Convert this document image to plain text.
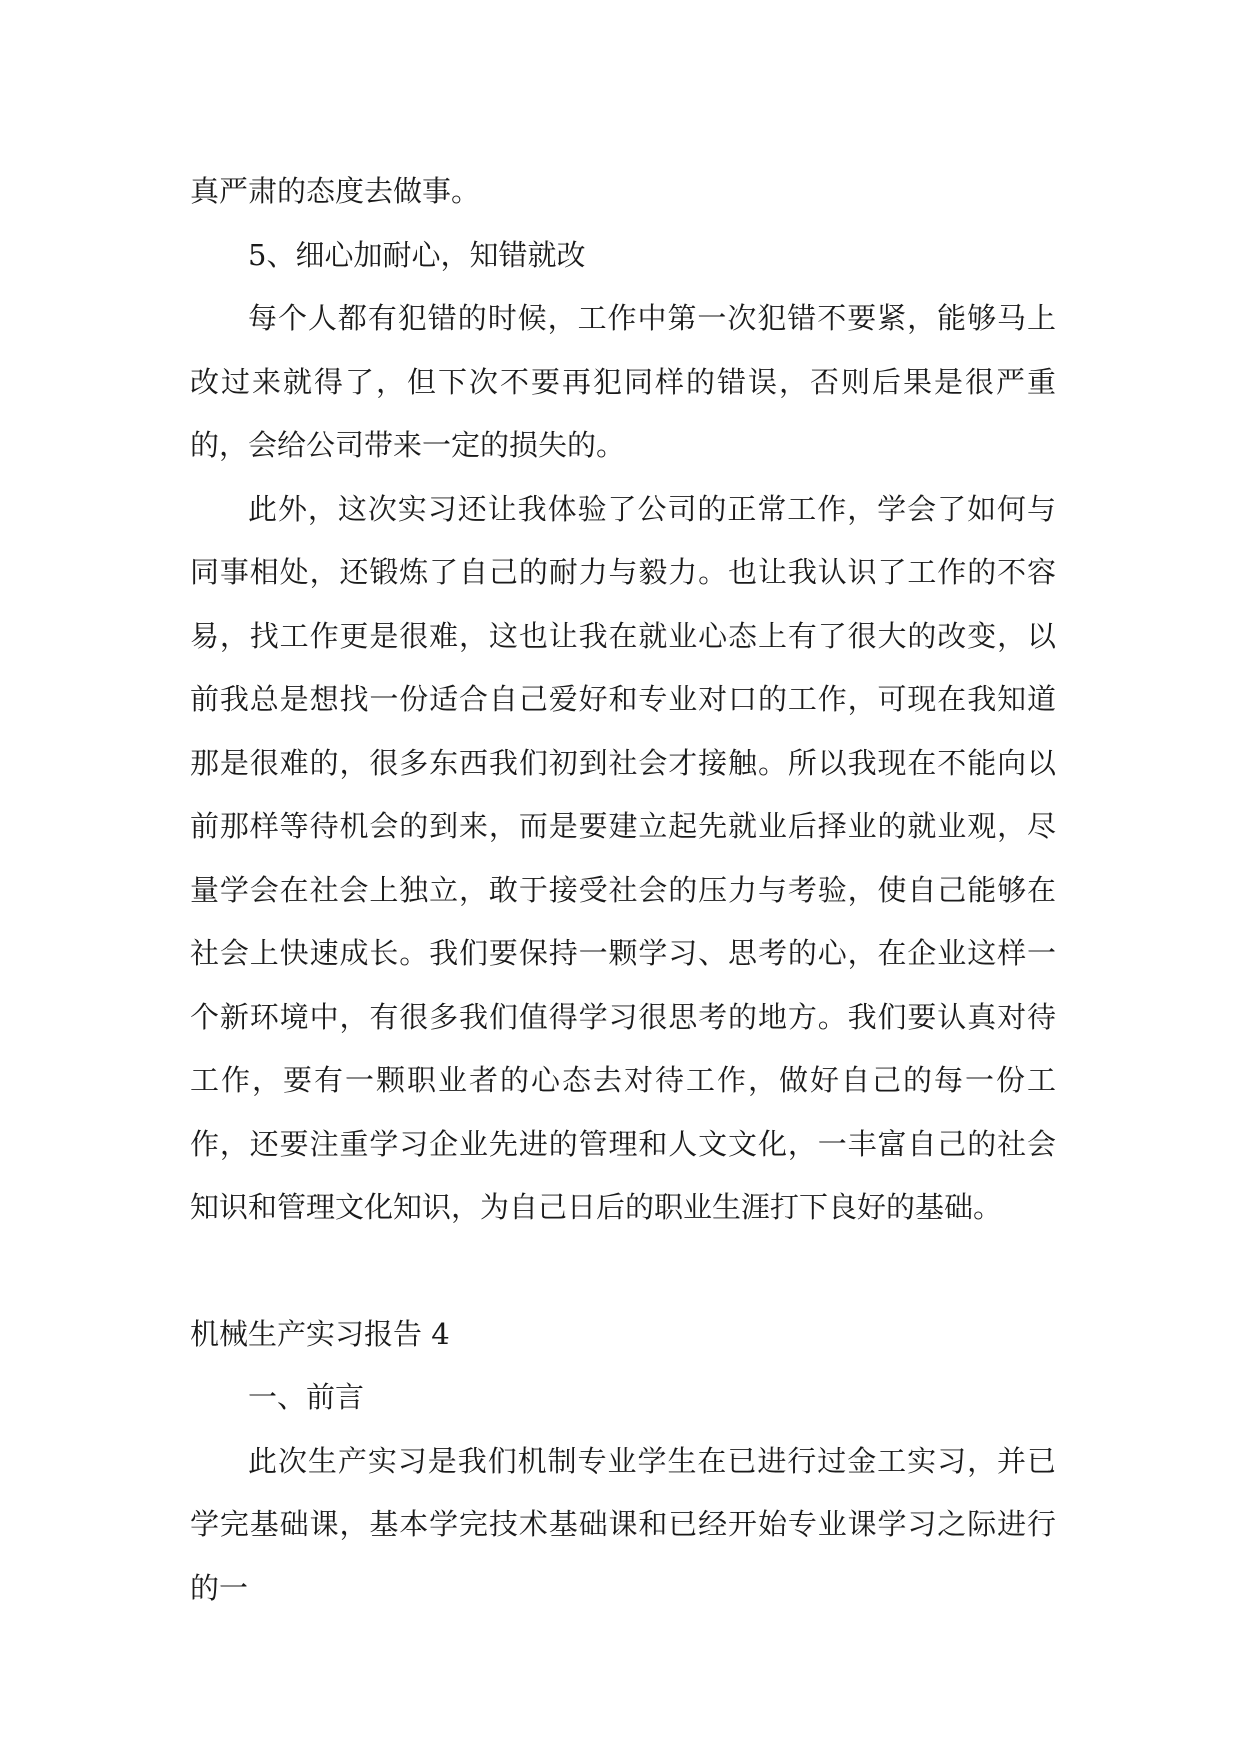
真严肃的态度去做事。

5、细心加耐心，知错就改

每个人都有犯错的时候，工作中第一次犯错不要紧，能够马上改过来就得了，但下次不要再犯同样的错误，否则后果是很严重的，会给公司带来一定的损失的。

此外，这次实习还让我体验了公司的正常工作，学会了如何与同事相处，还锻炼了自己的耐力与毅力。也让我认识了工作的不容易，找工作更是很难，这也让我在就业心态上有了很大的改变，以前我总是想找一份适合自己爱好和专业对口的工作，可现在我知道那是很难的，很多东西我们初到社会才接触。所以我现在不能向以前那样等待机会的到来，而是要建立起先就业后择业的就业观，尽量学会在社会上独立，敢于接受社会的压力与考验，使自己能够在社会上快速成长。我们要保持一颗学习、思考的心，在企业这样一个新环境中，有很多我们值得学习很思考的地方。我们要认真对待工作，要有一颗职业者的心态去对待工作，做好自己的每一份工作，还要注重学习企业先进的管理和人文文化，一丰富自己的社会知识和管理文化知识，为自己日后的职业生涯打下良好的基础。

机械生产实习报告 4

一、前言

此次生产实习是我们机制专业学生在已进行过金工实习，并已学完基础课，基本学完技术基础课和已经开始专业课学习之际进行的一
